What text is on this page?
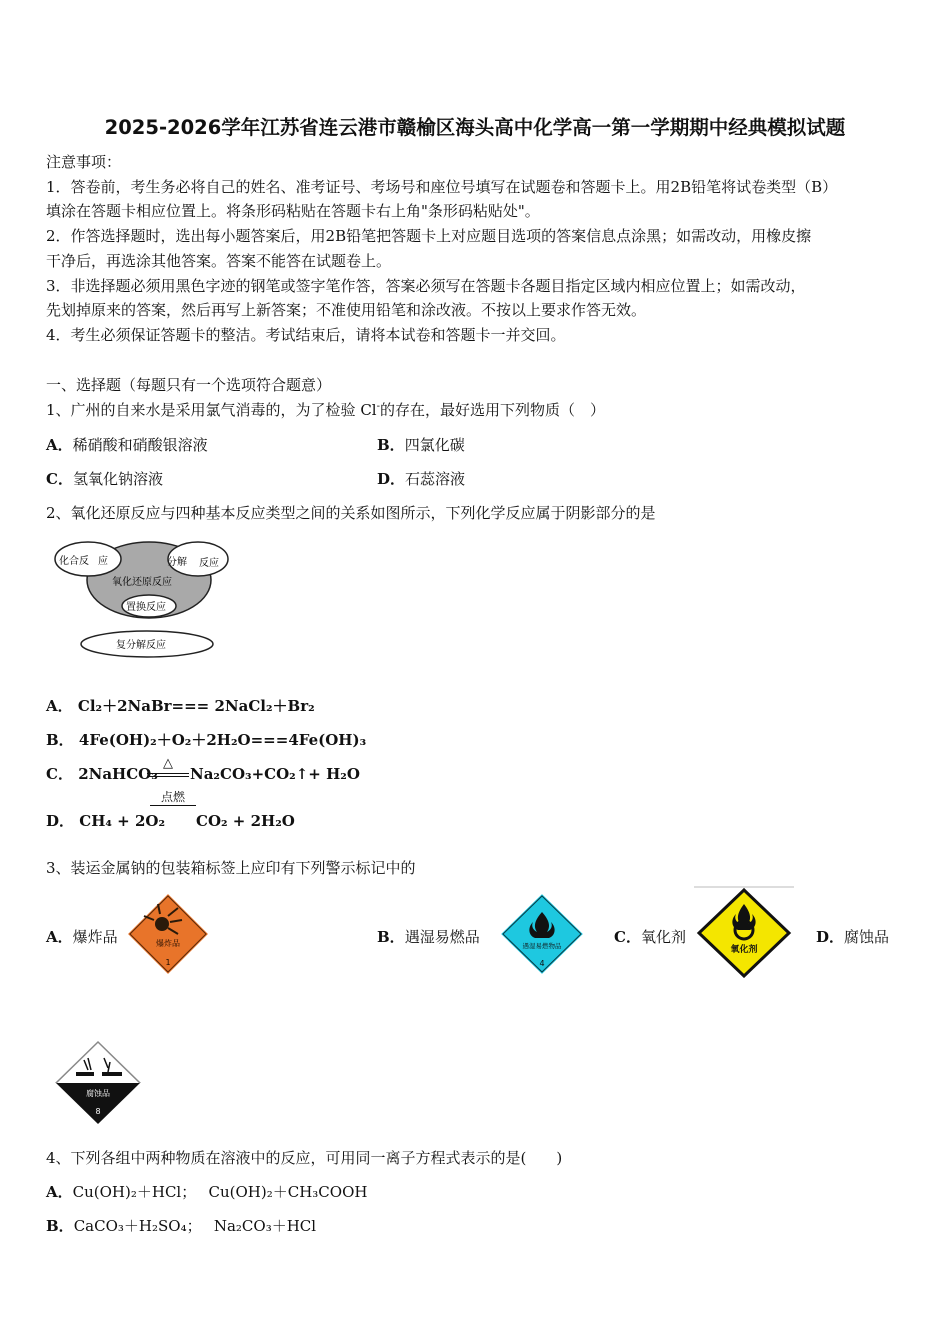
2025-2026学年江苏省连云港市赣榆区海头高中化学高一第一学期期中经典模拟试题
注意事项：
1．答卷前，考生务必将自己的姓名、准考证号、考场号和座位号填写在试题卷和答题卡上。用2B铅笔将试卷类型（B）
填涂在答题卡相应位置上。将条形码粘贴在答题卡右上角"条形码粘贴处"。
2．作答选择题时，选出每小题答案后，用2B铅笔把答题卡上对应题目选项的答案信息点涂黑；如需改动，用橡皮擦
干净后，再选涂其他答案。答案不能答在试题卷上。
3．非选择题必须用黑色字迹的钢笔或签字笔作答，答案必须写在答题卡各题目指定区域内相应位置上；如需改动，
先划掉原来的答案，然后再写上新答案；不准使用铅笔和涂改液。不按以上要求作答无效。
4．考生必须保证答题卡的整洁。考试结束后，请将本试卷和答题卡一并交回。
一、选择题（每题只有一个选项符合题意）
1、广州的自来水是采用氯气消毒的，为了检验 Cl-的存在，最好选用下列物质（　）
A．稀硝酸和硝酸银溶液	B．四氯化碳
C．氢氧化钠溶液	D．石蕊溶液
2、氧化还原反应与四种基本反应类型之间的关系如图所示，下列化学反应属于阴影部分的是
化合反 应	分解 反应
氧化还原反应
置换反应
复分解反应
A． Cl₂＋2NaBr=== 2NaCl₂＋Br₂
B． 4Fe(OH)₂＋O₂＋2H₂O===4Fe(OH)₃
C． 2NaHCO₃
△
Na₂CO₃+CO₂↑+ H₂O
点燃
D． CH₄ + 2O₂ CO₂ + 2H₂O
3、装运金属钠的包装箱标签上应印有下列警示标记中的
A．爆炸品	爆炸品
1
B．遇湿易燃品	遇湿易燃物品
4
C．氧化剂
氧化剂
D．腐蚀品
腐蚀品
8
4、下列各组中两种物质在溶液中的反应，可用同一离子方程式表示的是(　　)
A．Cu(OH)₂＋HCl；　 Cu(OH)₂＋CH₃COOH
B．CaCO₃＋H₂SO₄；　 Na₂CO₃＋HCl
